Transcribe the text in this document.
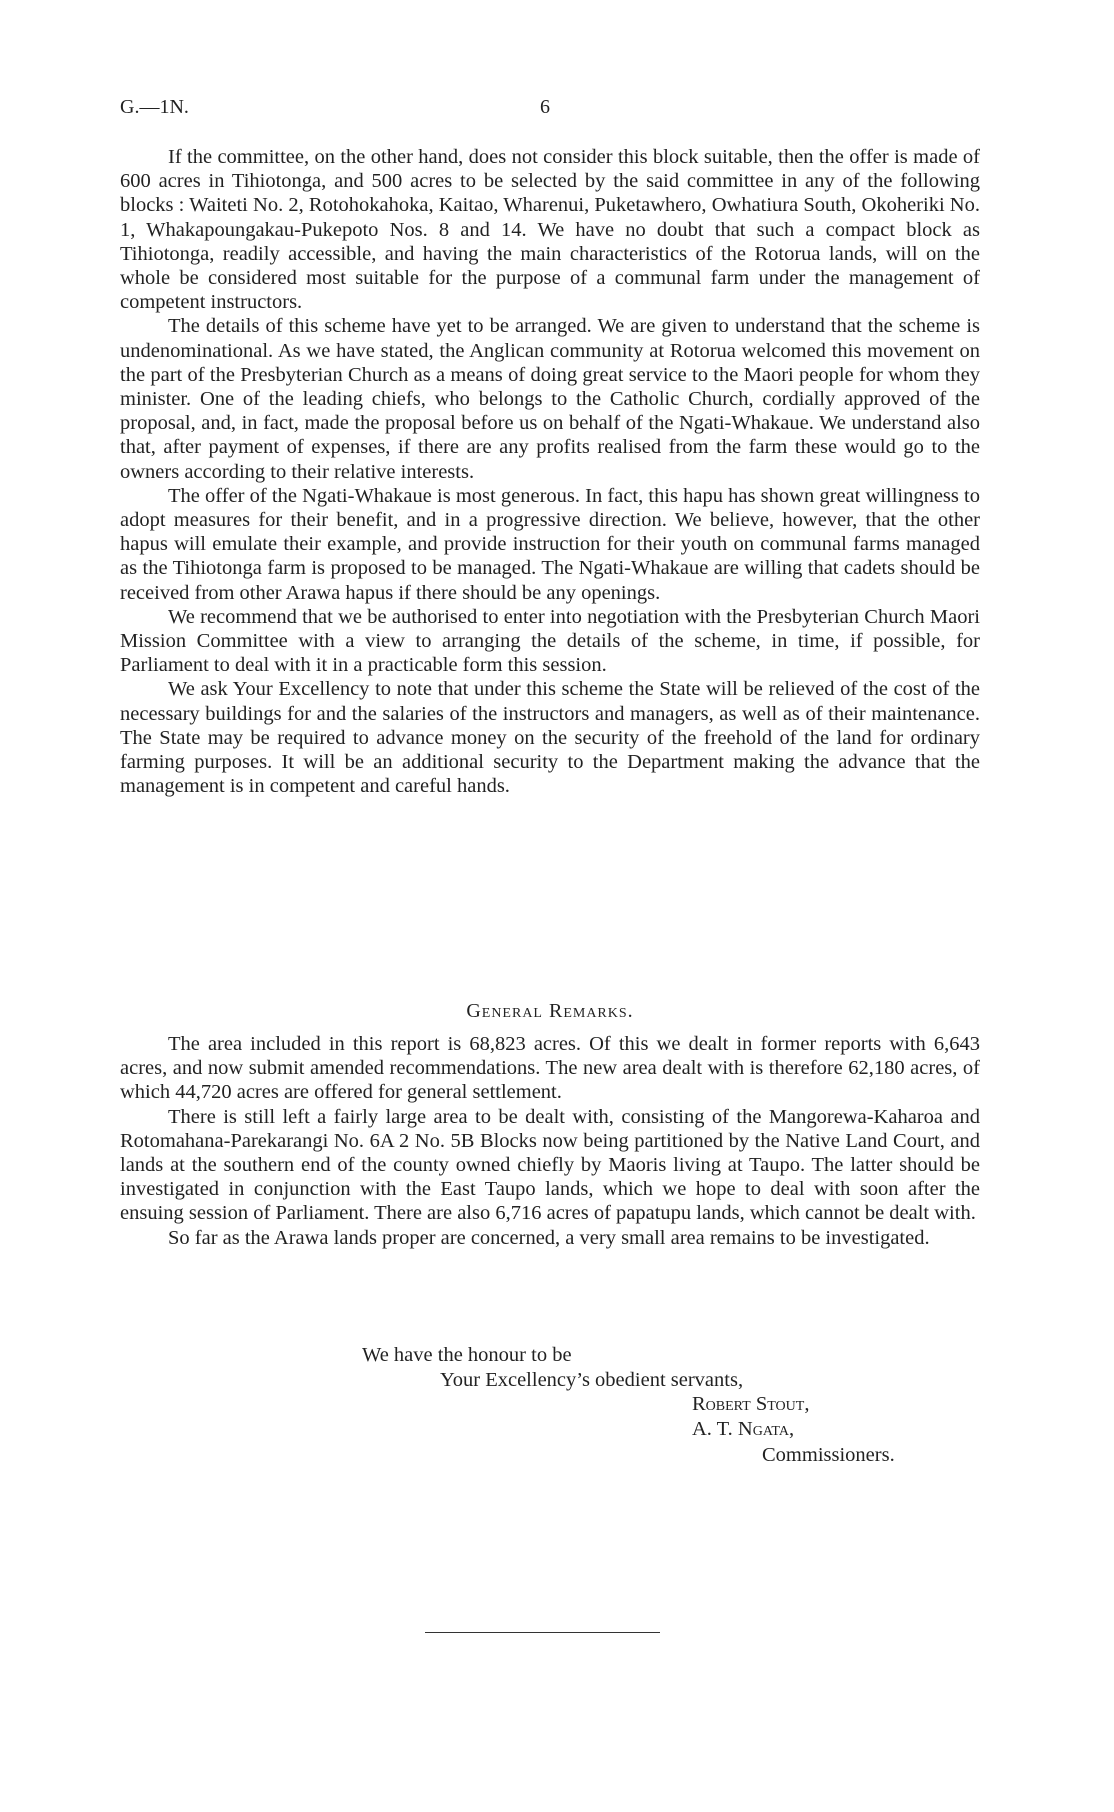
G.—1N.	6

If the committee, on the other hand, does not consider this block suitable, then the offer is made of 600 acres in Tihiotonga, and 500 acres to be selected by the said committee in any of the following blocks : Waiteti No. 2, Rotohokahoka, Kaitao, Wharenui, Puketawhero, Owhatiura South, Okoheriki No. 1, Whakapoungakau-Pukepoto Nos. 8 and 14. We have no doubt that such a compact block as Tihiotonga, readily accessible, and having the main characteristics of the Rotorua lands, will on the whole be considered most suitable for the purpose of a communal farm under the management of competent instructors.

The details of this scheme have yet to be arranged. We are given to understand that the scheme is undenominational. As we have stated, the Anglican community at Rotorua welcomed this movement on the part of the Presbyterian Church as a means of doing great service to the Maori people for whom they minister. One of the leading chiefs, who belongs to the Catholic Church, cordially approved of the proposal, and, in fact, made the proposal before us on behalf of the Ngati-Whakaue. We understand also that, after payment of expenses, if there are any profits realised from the farm these would go to the owners according to their relative interests.

The offer of the Ngati-Whakaue is most generous. In fact, this hapu has shown great willingness to adopt measures for their benefit, and in a progressive direction. We believe, however, that the other hapus will emulate their example, and provide instruction for their youth on communal farms managed as the Tihiotonga farm is proposed to be managed. The Ngati-Whakaue are willing that cadets should be received from other Arawa hapus if there should be any openings.

We recommend that we be authorised to enter into negotiation with the Presbyterian Church Maori Mission Committee with a view to arranging the details of the scheme, in time, if possible, for Parliament to deal with it in a practicable form this session.

We ask Your Excellency to note that under this scheme the State will be relieved of the cost of the necessary buildings for and the salaries of the instructors and managers, as well as of their maintenance. The State may be required to advance money on the security of the freehold of the land for ordinary farming purposes. It will be an additional security to the Department making the advance that the management is in competent and careful hands.

General Remarks.

The area included in this report is 68,823 acres. Of this we dealt in former reports with 6,643 acres, and now submit amended recommendations. The new area dealt with is therefore 62,180 acres, of which 44,720 acres are offered for general settlement.

There is still left a fairly large area to be dealt with, consisting of the Mangorewa-Kaharoa and Rotomahana-Parekarangi No. 6A 2 No. 5B Blocks now being partitioned by the Native Land Court, and lands at the southern end of the county owned chiefly by Maoris living at Taupo. The latter should be investigated in conjunction with the East Taupo lands, which we hope to deal with soon after the ensuing session of Parliament. There are also 6,716 acres of papatupu lands, which cannot be dealt with.

So far as the Arawa lands proper are concerned, a very small area remains to be investigated.

We have the honour to be
Your Excellency’s obedient servants,
Robert Stout,
A. T. Ngata,
Commissioners.
